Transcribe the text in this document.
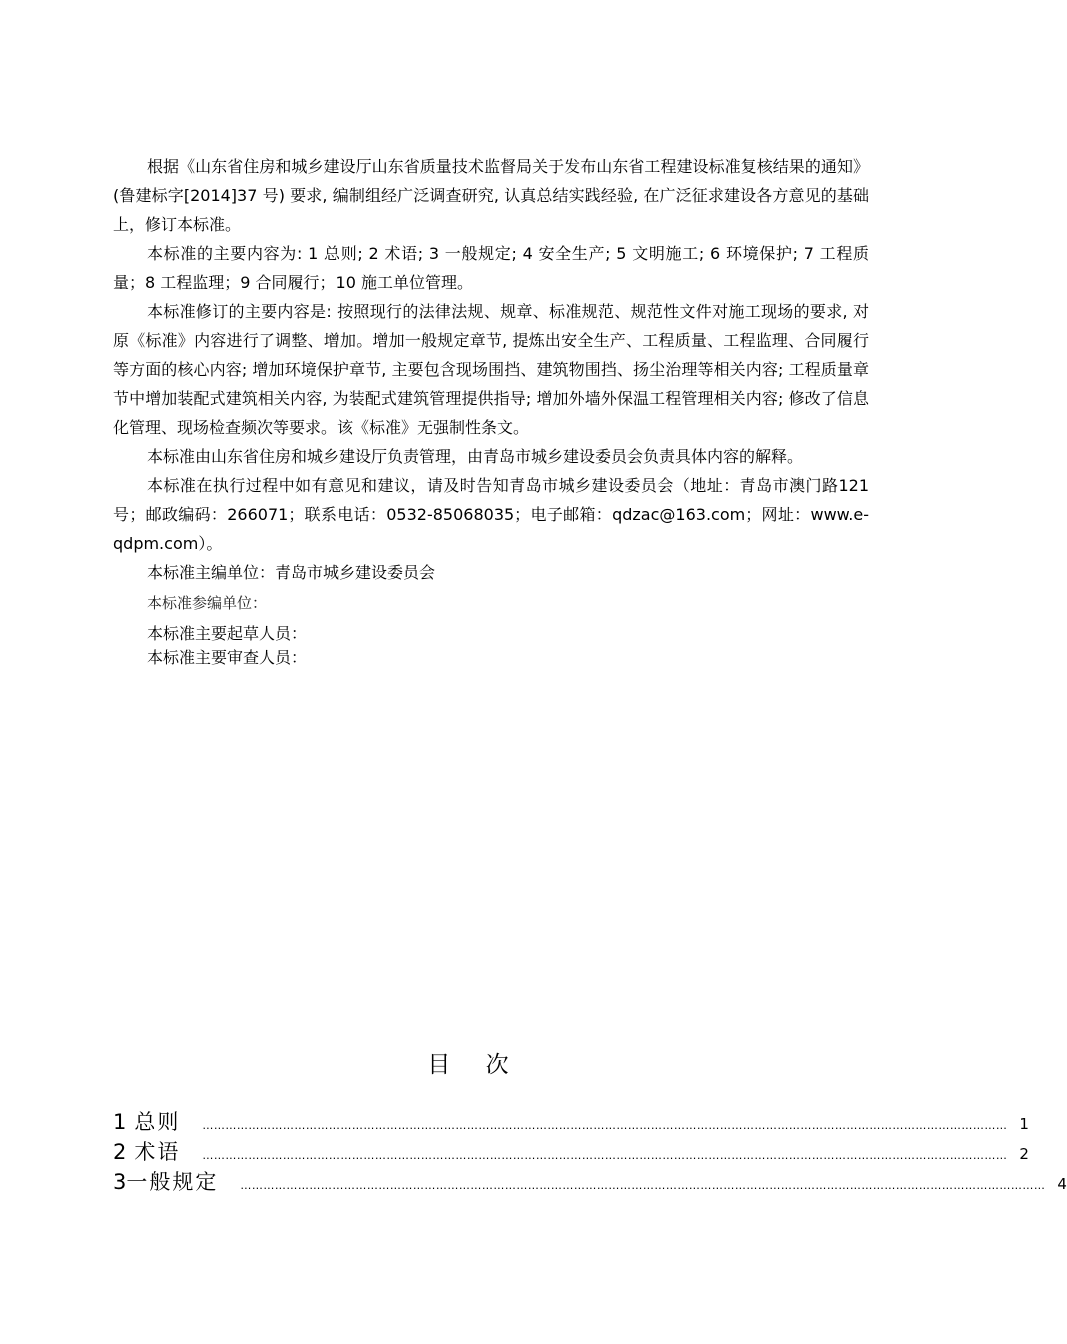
根据《山东省住房和城乡建设厅山东省质量技术监督局关于发布山东省工程建设标准复核结果的通知》(鲁建标字[2014]37 号) 要求, 编制组经广泛调查研究, 认真总结实践经验, 在广泛征求建设各方意见的基础上，修订本标准。

本标准的主要内容为: 1 总则; 2 术语; 3 一般规定; 4 安全生产; 5 文明施工; 6 环境保护; 7 工程质量；8 工程监理；9 合同履行；10 施工单位管理。

本标准修订的主要内容是: 按照现行的法律法规、规章、标准规范、规范性文件对施工现场的要求, 对原《标准》内容进行了调整、增加。增加一般规定章节, 提炼出安全生产、工程质量、工程监理、合同履行等方面的核心内容; 增加环境保护章节, 主要包含现场围挡、建筑物围挡、扬尘治理等相关内容; 工程质量章节中增加装配式建筑相关内容, 为装配式建筑管理提供指导; 增加外墙外保温工程管理相关内容; 修改了信息化管理、现场检查频次等要求。该《标准》无强制性条文。

本标准由山东省住房和城乡建设厅负责管理，由青岛市城乡建设委员会负责具体内容的解释。

本标准在执行过程中如有意见和建议，请及时告知青岛市城乡建设委员会（地址：青岛市澳门路121 号；邮政编码：266071；联系电话：0532-85068035；电子邮箱：qdzac@163.com；网址：www.e-qdpm.com）。

本标准主编单位：青岛市城乡建设委员会

本标准参编单位：

本标准主要起草人员：

本标准主要审查人员：

目 次
1 总则 ………………………………………………………………………………………………………………………………………………………………………………………… 1
2 术语 ………………………………………………………………………………………………………………………………………………………………………………………… 2
3 一般规定 ………………………………………………………………………………………………………………………………………………………………………………………… 4
